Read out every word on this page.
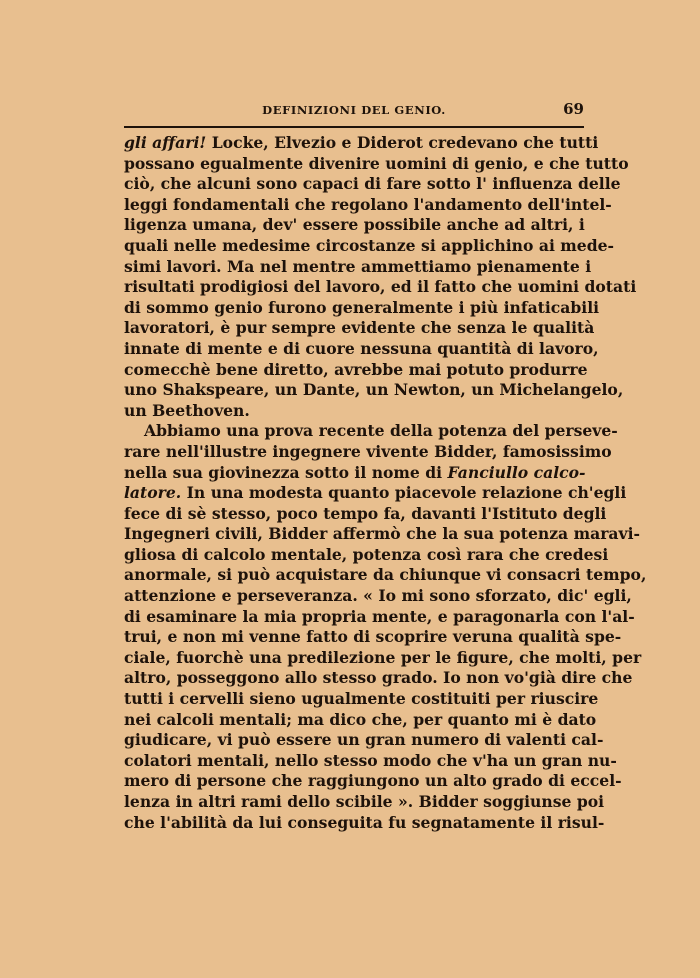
DEFINIZIONI DEL GENIO.	69
gli affari! Locke, Elvezio e Diderot credevano che tutti
possano egualmente divenire uomini di genio, e che tutto
ciò, che alcuni sono capaci di fare sotto l' influenza delle
leggi fondamentali che regolano l'andamento dell'intel-
ligenza umana, dev' essere possibile anche ad altri, i
quali nelle medesime circostanze si applichino ai mede-
simi lavori. Ma nel mentre ammettiamo pienamente i
risultati prodigiosi del lavoro, ed il fatto che uomini dotati
di sommo genio furono generalmente i più infaticabili
lavoratori, è pur sempre evidente che senza le qualità
innate di mente e di cuore nessuna quantità di lavoro,
comecchè bene diretto, avrebbe mai potuto produrre
uno Shakspeare, un Dante, un Newton, un Michelangelo,
un Beethoven.
Abbiamo una prova recente della potenza del perseve-
rare nell'illustre ingegnere vivente Bidder, famosissimo
nella sua giovinezza sotto il nome di Fanciullo calco-
latore. In una modesta quanto piacevole relazione ch'egli
fece di sè stesso, poco tempo fa, davanti l'Istituto degli
Ingegneri civili, Bidder affermò che la sua potenza maravi-
gliosa di calcolo mentale, potenza così rara che credesi
anormale, si può acquistare da chiunque vi consacri tempo,
attenzione e perseveranza. « Io mi sono sforzato, dic' egli,
di esaminare la mia propria mente, e paragonarla con l'al-
trui, e non mi venne fatto di scoprire veruna qualità spe-
ciale, fuorchè una predilezione per le figure, che molti, per
altro, posseggono allo stesso grado. Io non vo'già dire che
tutti i cervelli sieno ugualmente costituiti per riuscire
nei calcoli mentali; ma dico che, per quanto mi è dato
giudicare, vi può essere un gran numero di valenti cal-
colatori mentali, nello stesso modo che v'ha un gran nu-
mero di persone che raggiungono un alto grado di eccel-
lenza in altri rami dello scibile ». Bidder soggiunse poi
che l'abilità da lui conseguita fu segnatamente il risul-
